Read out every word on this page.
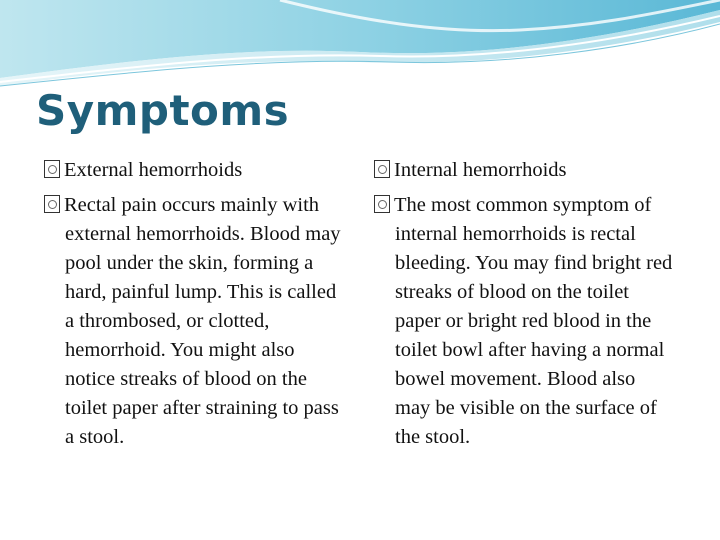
Symptoms

External hemorrhoids

Rectal pain occurs mainly with external hemorrhoids. Blood may pool under the skin, forming a hard, painful lump. This is called a thrombosed, or clotted, hemorrhoid. You might also notice streaks of blood on the toilet paper after straining to pass a stool.

Internal hemorrhoids

The most common symptom of internal hemorrhoids is rectal bleeding. You may find bright red streaks of blood on the toilet paper or bright red blood in the toilet bowl after having a normal bowel movement. Blood also may be visible on the surface of the stool.
